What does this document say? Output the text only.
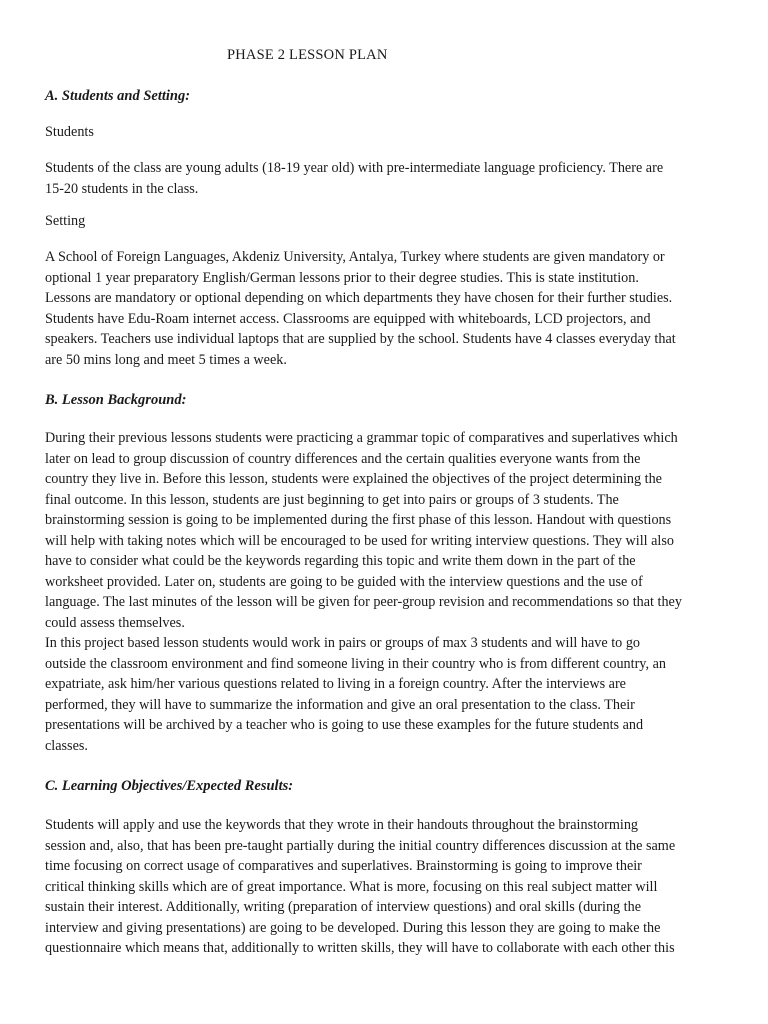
PHASE 2 LESSON PLAN
A. Students and Setting:
Students
Students of the class are young adults (18-19 year old) with pre-intermediate language proficiency. There are
15-20 students in the class.
Setting
A School of Foreign Languages, Akdeniz University, Antalya, Turkey where students are given mandatory or
optional 1 year preparatory English/German lessons prior to their degree studies. This is state institution.
Lessons are mandatory or optional depending on which departments they have chosen for their further studies.
Students have Edu-Roam internet access. Classrooms are equipped with whiteboards, LCD projectors, and
speakers. Teachers use individual laptops that are supplied by the school. Students have 4 classes everyday that
are 50 mins long and meet 5 times a week.
B. Lesson Background:
During their previous lessons students were practicing a grammar topic of comparatives and superlatives which
later on lead to group discussion of country differences and the certain qualities everyone wants from the
country they live in. Before this lesson, students were explained the objectives of the project determining the
final outcome. In this lesson, students are just beginning to get into pairs or groups of 3 students. The
brainstorming session is going to be implemented during the first phase of this lesson. Handout with questions
will help with taking notes which will be encouraged to be used for writing interview questions. They will also
have to consider what could be the keywords regarding this topic and write them down in the part of the
worksheet provided. Later on, students are going to be guided with the interview questions and the use of
language. The last minutes of the lesson will be given for peer-group revision and recommendations so that they
could assess themselves.
In this project based lesson students would work in pairs or groups of max 3 students and will have to go
outside the classroom environment and find someone living in their country who is from different country, an
expatriate, ask him/her various questions related to living in a foreign country. After the interviews are
performed, they will have to summarize the information and give an oral presentation to the class. Their
presentations will be archived by a teacher who is going to use these examples for the future students and
classes.
C. Learning Objectives/Expected Results:
Students will apply and use the keywords that they wrote in their handouts throughout the brainstorming
session and, also, that has been pre-taught partially during the initial country differences discussion at the same
time focusing on correct usage of comparatives and superlatives. Brainstorming is going to improve their
critical thinking skills which are of great importance. What is more, focusing on this real subject matter will
sustain their interest. Additionally, writing (preparation of interview questions) and oral skills (during the
interview and giving presentations) are going to be developed. During this lesson they are going to make the
questionnaire which means that, additionally to written skills, they will have to collaborate with each other this
